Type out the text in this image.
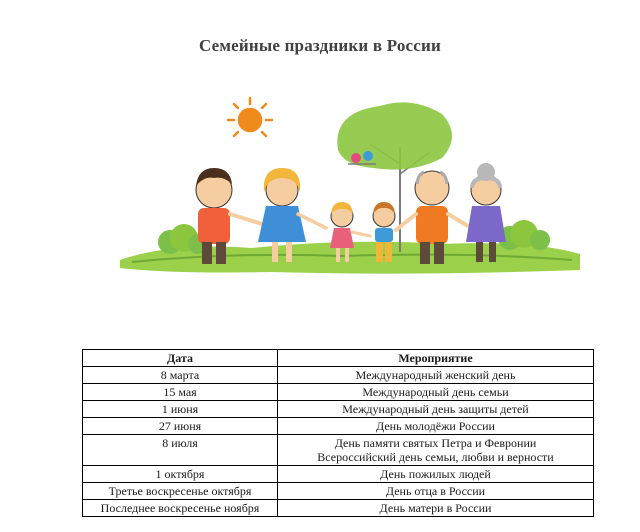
Семейные праздники в России
Дата	Мероприятие
8 марта	Международный женский день
15 мая	Международный день семьи
1 июня	Международный день защиты детей
27 июня	День молодёжи России
8 июля	День памяти святых Петра и Февронии
Всероссийский день семьи, любви и верности

1 октября	День пожилых людей
Третье воскресенье октября	День отца в России
Последнее воскресенье ноября	День матери в России
